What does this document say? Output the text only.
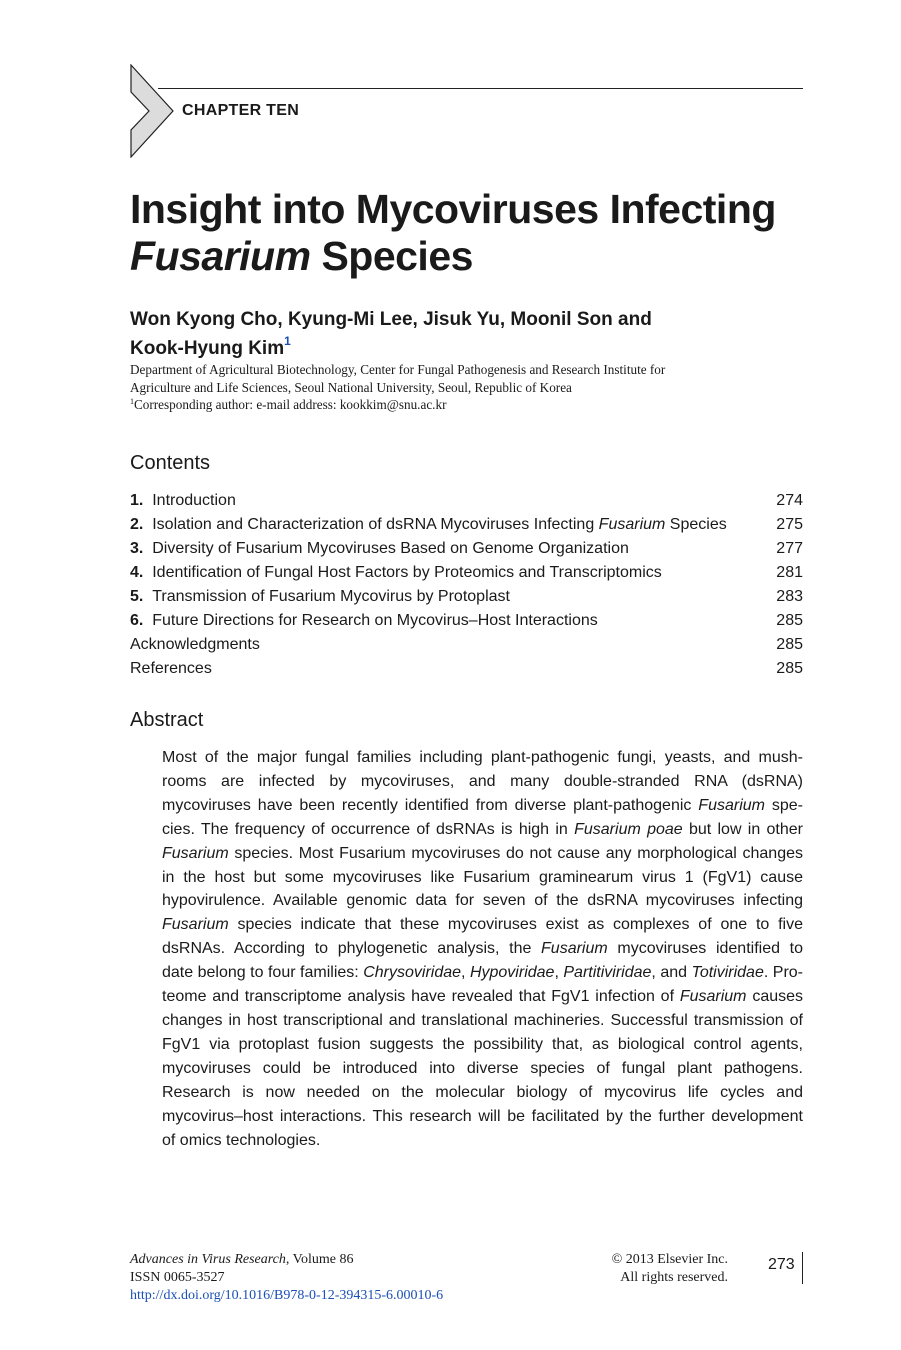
CHAPTER TEN
Insight into Mycoviruses Infecting
Fusarium Species
Won Kyong Cho, Kyung-Mi Lee, Jisuk Yu, Moonil Son and
Kook-Hyung Kim$^1$
Department of Agricultural Biotechnology, Center for Fungal Pathogenesis and Research Institute for
Agriculture and Life Sciences, Seoul National University, Seoul, Republic of Korea
$^1$Corresponding author: e-mail address: kookkim@snu.ac.kr
Contents
1. Introduction	274
2. Isolation and Characterization of dsRNA Mycoviruses Infecting Fusarium Species	275
3. Diversity of Fusarium Mycoviruses Based on Genome Organization	277
4. Identification of Fungal Host Factors by Proteomics and Transcriptomics	281
5. Transmission of Fusarium Mycovirus by Protoplast	283
6. Future Directions for Research on Mycovirus–Host Interactions	285
Acknowledgments	285
References	285
Abstract
Most of the major fungal families including plant-pathogenic fungi, yeasts, and mush-
rooms are infected by mycoviruses, and many double-stranded RNA (dsRNA)
mycoviruses have been recently identified from diverse plant-pathogenic Fusarium spe-
cies. The frequency of occurrence of dsRNAs is high in Fusarium poae but low in other
Fusarium species. Most Fusarium mycoviruses do not cause any morphological changes
in the host but some mycoviruses like Fusarium graminearum virus 1 (FgV1) cause
hypovirulence. Available genomic data for seven of the dsRNA mycoviruses infecting
Fusarium species indicate that these mycoviruses exist as complexes of one to five
dsRNAs. According to phylogenetic analysis, the Fusarium mycoviruses identified to
date belong to four families: Chrysoviridae, Hypoviridae, Partitiviridae, and Totiviridae. Pro-
teome and transcriptome analysis have revealed that FgV1 infection of Fusarium causes
changes in host transcriptional and translational machineries. Successful transmission of
FgV1 via protoplast fusion suggests the possibility that, as biological control agents,
mycoviruses could be introduced into diverse species of fungal plant pathogens.
Research is now needed on the molecular biology of mycovirus life cycles and
mycovirus–host interactions. This research will be facilitated by the further development
of omics technologies.
Advances in Virus Research, Volume 86
ISSN 0065-3527
http://dx.doi.org/10.1016/B978-0-12-394315-6.00010-6
© 2013 Elsevier Inc.
All rights reserved.
273
